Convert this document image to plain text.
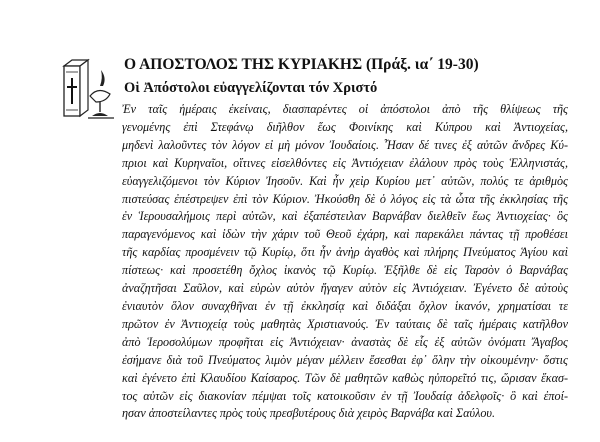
Ο ΑΠΟΣΤΟΛΟΣ ΤΗΣ ΚΥΡΙΑΚΗΣ (Πράξ. ια΄ 19-30)
Οἱ Ἀπόστολοι εὐαγγελίζονται τόν Χριστό
Ἐν ταῖς ἡμέραις ἐκείναις, διασπαρέντες οἱ ἀπόστολοι ἀπὸ τῆς θλίψεως τῆς
γενομένης ἐπὶ Στεφάνῳ διῆλθον ἕως Φοινίκης καὶ Κύπρου καὶ Ἀντιοχείας,
μηδενὶ λαλοῦντες τὸν λόγον εἰ μὴ μόνον Ἰουδαίοις. Ἦσαν δέ τινες ἐξ αὐτῶν ἄνδρες Κύ-
πριοι καὶ Κυρηναῖοι, οἵτινες εἰσελθόντες εἰς Ἀντιόχειαν ἐλάλουν πρὸς τοὺς Ἑλληνιστάς,
εὐαγγελιζόμενοι τὸν Κύριον Ἰησοῦν. Καὶ ἦν χεὶρ Κυρίου μετ᾿ αὐτῶν, πολύς τε ἀριθμὸς
πιστεύσας ἐπέστρεψεν ἐπὶ τὸν Κύριον. Ἠκούσθη δὲ ὁ λόγος εἰς τὰ ὦτα τῆς ἐκκλησίας τῆς
ἐν Ἱερουσαλήμοις περὶ αὐτῶν, καὶ ἐξαπέστειλαν Βαρνάβαν διελθεῖν ἕως Ἀντιοχείας· ὃς
παραγενόμενος καὶ ἰδὼν τὴν χάριν τοῦ Θεοῦ ἐχάρη, καὶ παρεκάλει πάντας τῇ προθέσει
τῆς καρδίας προσμένειν τῷ Κυρίῳ, ὅτι ἦν ἀνὴρ ἀγαθὸς καὶ πλήρης Πνεύματος Ἁγίου καὶ
πίστεως· καὶ προσετέθη ὄχλος ἱκανὸς τῷ Κυρίῳ. Ἐξῆλθε δὲ εἰς Ταρσὸν ὁ Βαρνάβας
ἀναζητῆσαι Σαῦλον, καὶ εὑρὼν αὐτὸν ἤγαγεν αὐτὸν εἰς Ἀντιόχειαν. Ἐγένετο δὲ αὐτοὺς
ἐνιαυτὸν ὅλον συναχθῆναι ἐν τῇ ἐκκλησίᾳ καὶ διδάξαι ὄχλον ἱκανόν, χρηματίσαι τε
πρῶτον ἐν Ἀντιοχείᾳ τοὺς μαθητὰς Χριστιανούς. Ἐν ταύταις δὲ ταῖς ἡμέραις κατῆλθον
ἀπὸ Ἱεροσολύμων προφῆται εἰς Ἀντιόχειαν· ἀναστὰς δὲ εἷς ἐξ αὐτῶν ὀνόματι Ἄγαβος
ἐσήμανε διὰ τοῦ Πνεύματος λιμὸν μέγαν μέλλειν ἔσεσθαι ἐφ᾿ ὅλην τὴν οἰκουμένην· ὅστις
καὶ ἐγένετο ἐπὶ Κλαυδίου Καίσαρος. Τῶν δὲ μαθητῶν καθὼς ηὐπορεῖτό τις, ὥρισαν ἕκασ-
τος αὐτῶν εἰς διακονίαν πέμψαι τοῖς κατοικοῦσιν ἐν τῇ Ἰουδαίᾳ ἀδελφοῖς· ὃ καὶ ἐποί-
ησαν ἀποστείλαντες πρὸς τοὺς πρεσβυτέρους διὰ χειρὸς Βαρνάβα καὶ Σαύλου.
